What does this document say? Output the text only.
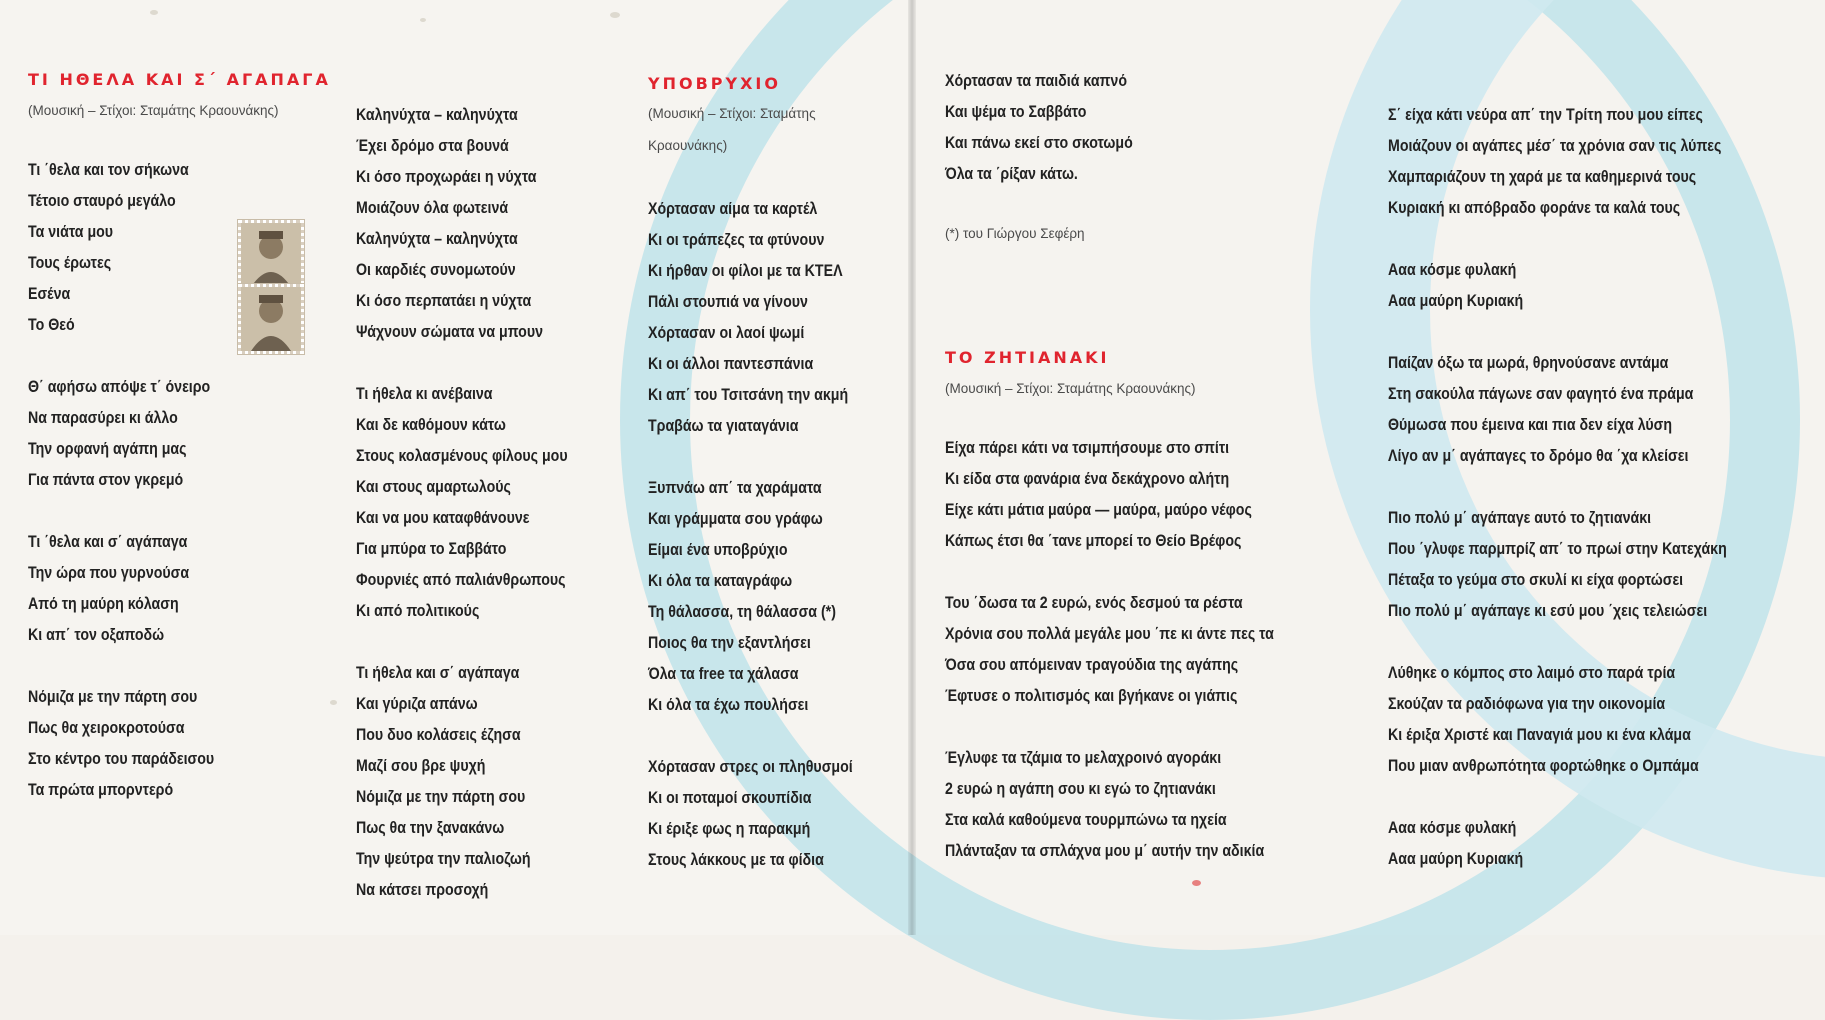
ΤΙ ΗΘΕΛΑ ΚΑΙ Σ΄ ΑΓΑΠΑΓΑ
(Μουσική – Στίχοι: Σταμάτης Κραουνάκης)
Τι ΄θελα και τον σήκωνα
Τέτοιο σταυρό μεγάλο
Τα νιάτα μου
Τους έρωτες
Εσένα
Το Θεό
Θ΄ αφήσω απόψε τ΄ όνειρο
Να παρασύρει κι άλλο
Την ορφανή αγάπη μας
Για πάντα στον γκρεμό
Τι ΄θελα και σ΄ αγάπαγα
Την ώρα που γυρνούσα
Από τη μαύρη κόλαση
Κι απ΄ τον οξαποδώ
Νόμιζα με την πάρτη σου
Πως θα χειροκροτούσα
Στο κέντρο του παράδεισου
Τα πρώτα μπορντερό
Καληνύχτα – καληνύχτα
Έχει δρόμο στα βουνά
Κι όσο προχωράει η νύχτα
Μοιάζουν όλα φωτεινά
Καληνύχτα – καληνύχτα
Οι καρδιές συνομωτούν
Κι όσο περπατάει η νύχτα
Ψάχνουν σώματα να μπουν
Τι ήθελα κι ανέβαινα
Και δε καθόμουν κάτω
Στους κολασμένους φίλους μου
Και στους αμαρτωλούς
Και να μου καταφθάνουνε
Για μπύρα το Σαββάτο
Φουρνιές από παλιάνθρωπους
Κι από πολιτικούς
Τι ήθελα και σ΄ αγάπαγα
Και γύριζα απάνω
Που δυο κολάσεις έζησα
Μαζί σου βρε ψυχή
Νόμιζα με την πάρτη σου
Πως θα την ξανακάνω
Την ψεύτρα την παλιοζωή
Να κάτσει προσοχή
ΥΠΟΒΡΥΧΙΟ
(Μουσική – Στίχοι: Σταμάτης
Κραουνάκης)
Χόρτασαν αίμα τα καρτέλ
Κι οι τράπεζες τα φτύνουν
Κι ήρθαν οι φίλοι με τα ΚΤΕΛ
Πάλι στουπιά να γίνουν
Χόρτασαν οι λαοί ψωμί
Κι οι άλλοι παντεσπάνια
Κι απ΄ του Τσιτσάνη την ακμή
Τραβάω τα γιαταγάνια
Ξυπνάω απ΄ τα χαράματα
Και γράμματα σου γράφω
Είμαι ένα υποβρύχιο
Κι όλα τα καταγράφω
Τη θάλασσα, τη θάλασσα (*)
Ποιος θα την εξαντλήσει
Όλα τα free τα χάλασα
Κι όλα τα έχω πουλήσει
Χόρτασαν στρες οι πληθυσμοί
Κι οι ποταμοί σκουπίδια
Κι έριξε φως η παρακμή
Στους λάκκους με τα φίδια
Χόρτασαν τα παιδιά καπνό
Και ψέμα το Σαββάτο
Και πάνω εκεί στο σκοτωμό
Όλα τα ΄ρίξαν κάτω.
(*) του Γιώργου Σεφέρη
ΤΟ ΖΗΤΙΑΝΑΚΙ
(Μουσική – Στίχοι: Σταμάτης Κραουνάκης)
Είχα πάρει κάτι να τσιμπήσουμε στο σπίτι
Κι είδα στα φανάρια ένα δεκάχρονο αλήτη
Είχε κάτι μάτια μαύρα — μαύρα, μαύρο νέφος
Κάπως έτσι θα ΄τανε μπορεί το Θείο Βρέφος
Του ΄δωσα τα 2 ευρώ, ενός δεσμού τα ρέστα
Χρόνια σου πολλά μεγάλε μου ΄πε κι άντε πες τα
Όσα σου απόμειναν τραγούδια της αγάπης
Έφτυσε ο πολιτισμός και βγήκανε οι γιάπις
Έγλυφε τα τζάμια το μελαχροινό αγοράκι
2 ευρώ η αγάπη σου κι εγώ το ζητιανάκι
Στα καλά καθούμενα τουρμπώνω τα ηχεία
Πλάνταξαν τα σπλάχνα μου μ΄ αυτήν την αδικία
Σ΄ είχα κάτι νεύρα απ΄ την Τρίτη που μου είπες
Μοιάζουν οι αγάπες μέσ΄ τα χρόνια σαν τις λύπες
Χαμπαριάζουν τη χαρά με τα καθημερινά τους
Κυριακή κι απόβραδο φοράνε τα καλά τους
Ααα κόσμε φυλακή
Ααα μαύρη Κυριακή
Παίζαν όξω τα μωρά, θρηνούσανε αντάμα
Στη σακούλα πάγωνε σαν φαγητό ένα πράμα
Θύμωσα που έμεινα και πια δεν είχα λύση
Λίγο αν μ΄ αγάπαγες το δρόμο θα ΄χα κλείσει
Πιο πολύ μ΄ αγάπαγε αυτό το ζητιανάκι
Που ΄γλυφε παρμπρίζ απ΄ το πρωί στην Κατεχάκη
Πέταξα το γεύμα στο σκυλί κι είχα φορτώσει
Πιο πολύ μ΄ αγάπαγε κι εσύ μου ΄χεις τελειώσει
Λύθηκε ο κόμπος στο λαιμό στο παρά τρία
Σκούζαν τα ραδιόφωνα για την οικονομία
Κι έριξα Χριστέ και Παναγιά μου κι ένα κλάμα
Που μιαν ανθρωπότητα φορτώθηκε ο Ομπάμα
Ααα κόσμε φυλακή
Ααα μαύρη Κυριακή
